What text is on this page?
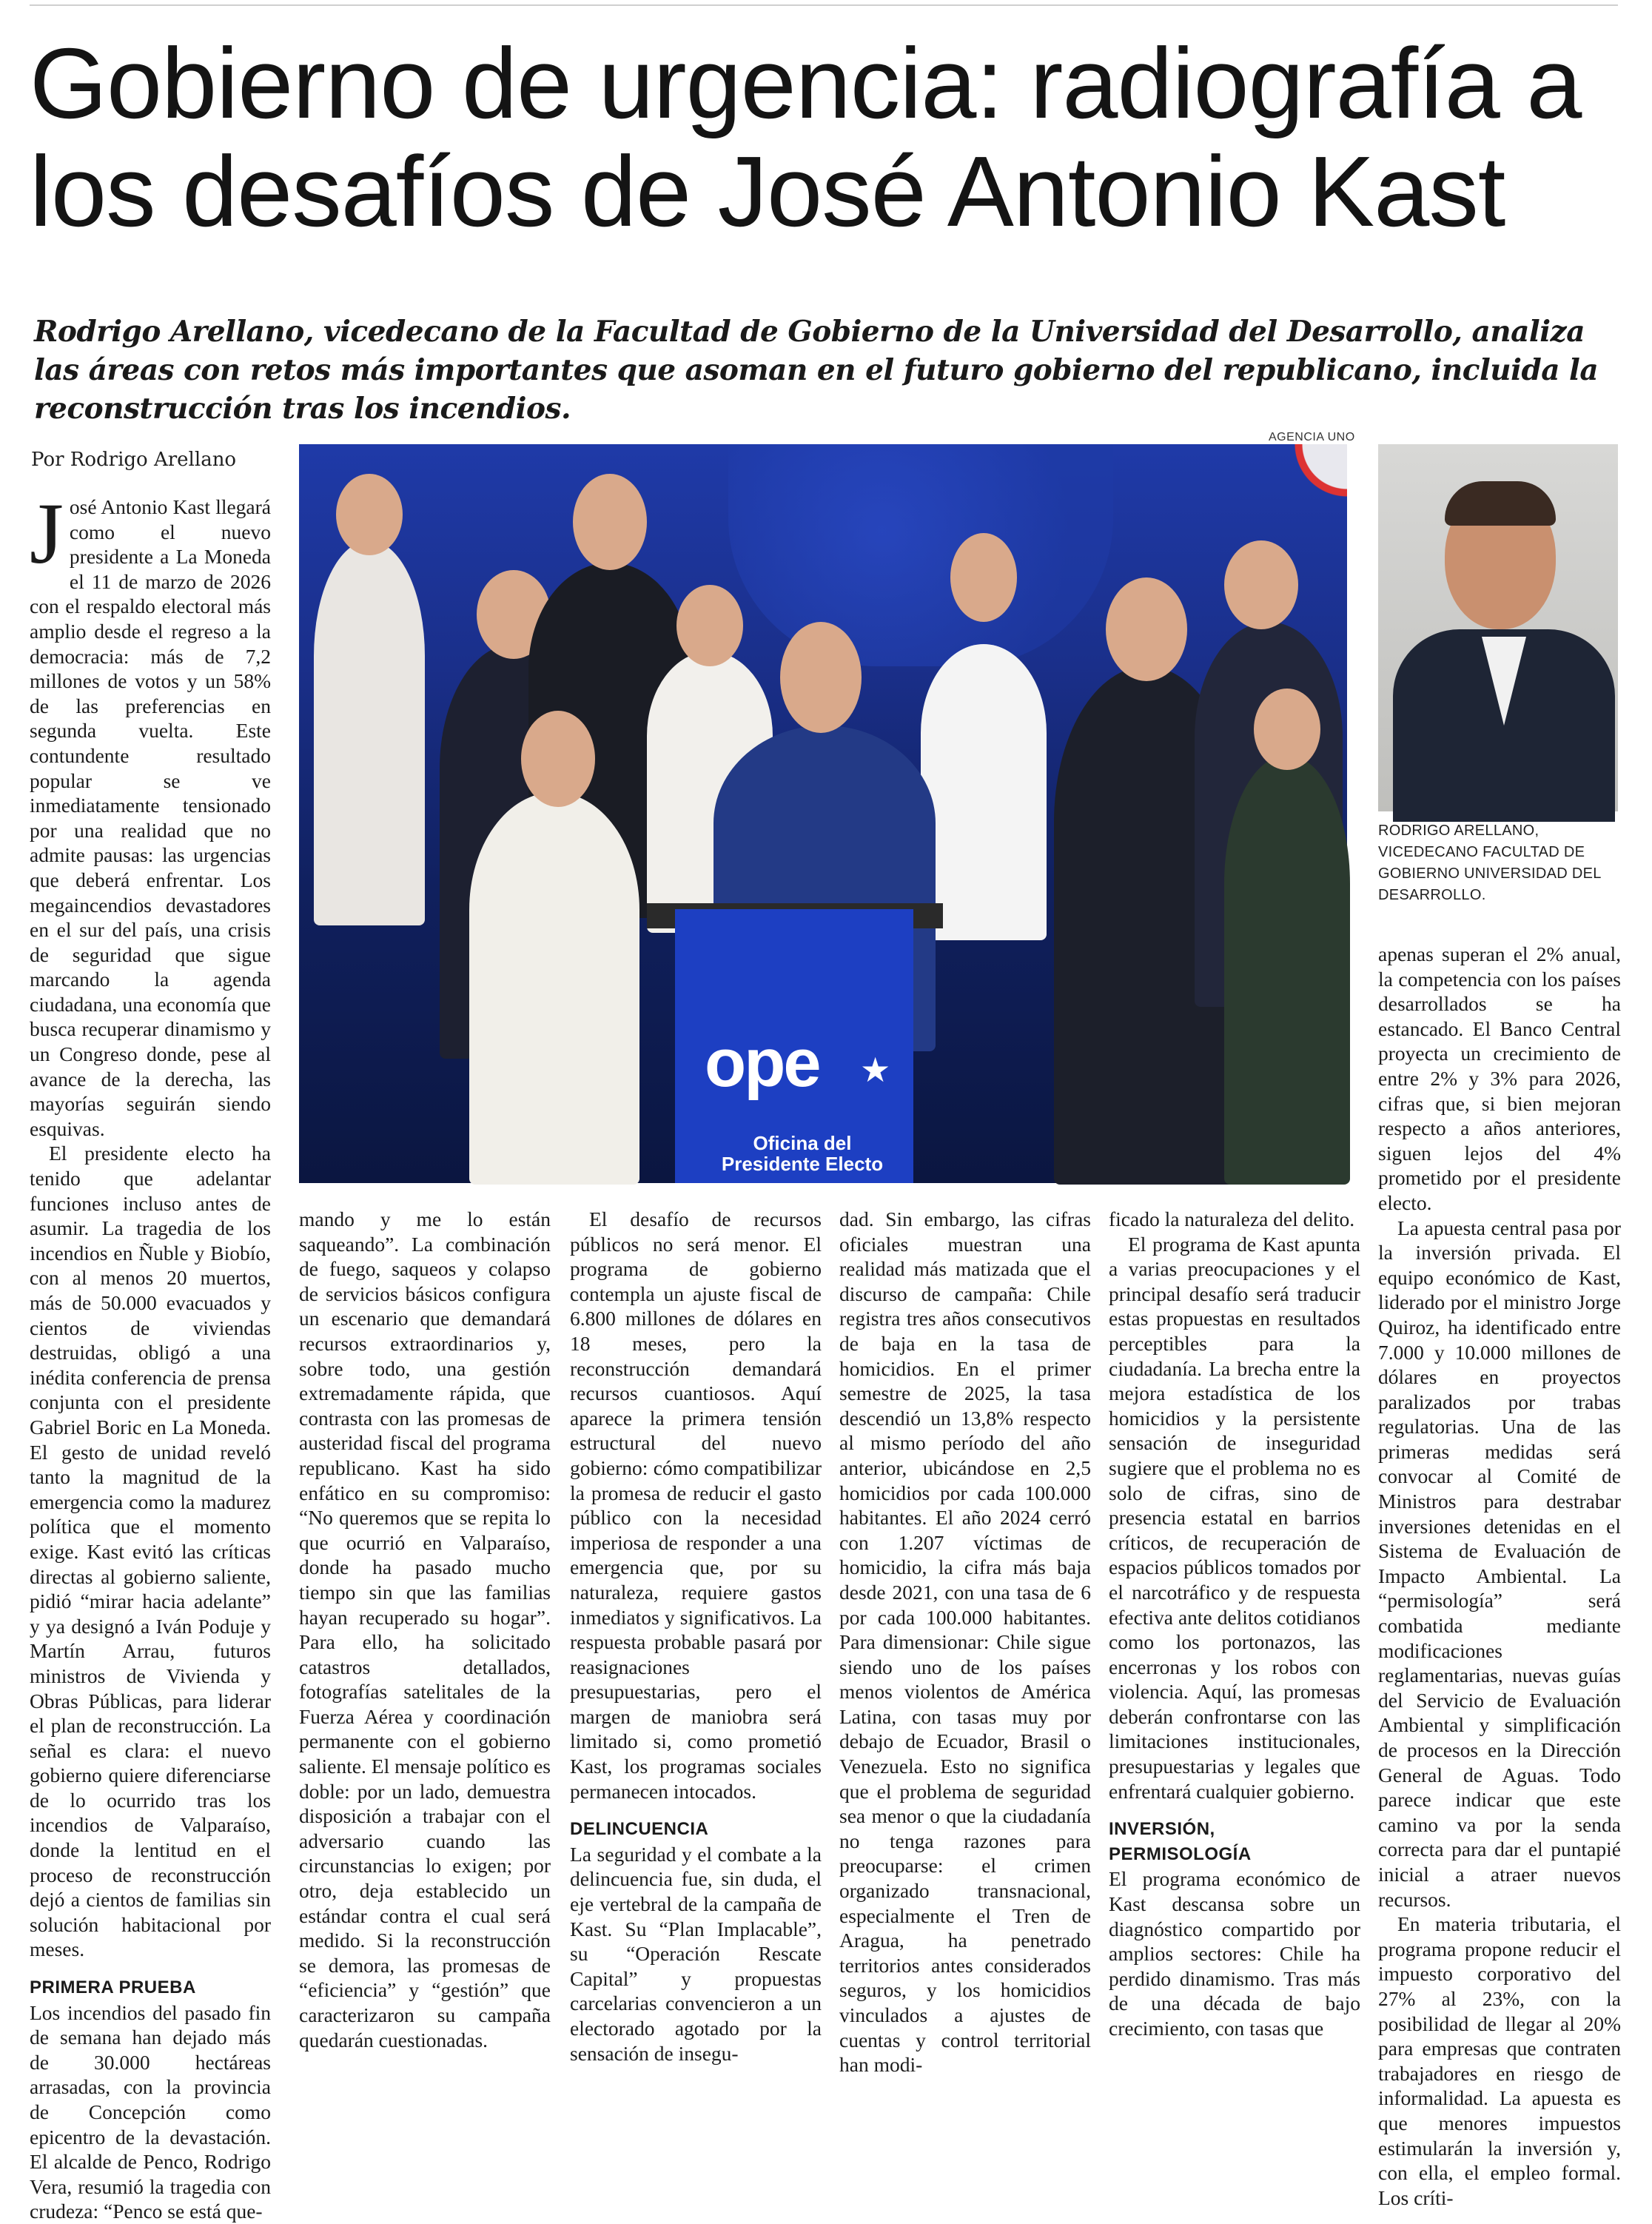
Gobierno de urgencia: radiografía a los desafíos de José Antonio Kast

Rodrigo Arellano, vicedecano de la Facultad de Gobierno de la Universidad del Desarrollo, analiza las áreas con retos más importantes que asoman en el futuro gobierno del republicano, incluida la reconstrucción tras los incendios.

Por Rodrigo Arellano
ope	★
Oficina del Presidente Electo
AGENCIA UNO
RODRIGO ARELLANO, VICEDECANO FACULTAD DE GOBIERNO UNIVERSIDAD DEL DESARROLLO.

José Antonio Kast llegará como el nuevo presidente a La Moneda el 11 de marzo de 2026 con el respaldo electoral más amplio desde el regreso a la democracia: más de 7,2 millones de votos y un 58% de las preferencias en segunda vuelta. Este contundente resultado popular se ve inmediatamente tensionado por una realidad que no admite pausas: las urgencias que deberá enfrentar. Los megaincendios devastadores en el sur del país, una crisis de seguridad que sigue marcando la agenda ciudadana, una economía que busca recuperar dinamismo y un Congreso donde, pese al avance de la derecha, las mayorías seguirán siendo esquivas.

El presidente electo ha tenido que adelantar funciones incluso antes de asumir. La tragedia de los incendios en Ñuble y Biobío, con al menos 20 muertos, más de 50.000 evacuados y cientos de viviendas destruidas, obligó a una inédita conferencia de prensa conjunta con el presidente Gabriel Boric en La Moneda. El gesto de unidad reveló tanto la magnitud de la emergencia como la madurez política que el momento exige. Kast evitó las críticas directas al gobierno saliente, pidió “mirar hacia adelante” y ya designó a Iván Poduje y Martín Arrau, futuros ministros de Vivienda y Obras Públicas, para liderar el plan de reconstrucción. La señal es clara: el nuevo gobierno quiere diferenciarse de lo ocurrido tras los incendios de Valparaíso, donde la lentitud en el proceso de reconstrucción dejó a cientos de familias sin solución habitacional por meses.

PRIMERA PRUEBA

Los incendios del pasado fin de semana han dejado más de 30.000 hectáreas arrasadas, con la provincia de Concepción como epicentro de la devastación. El alcalde de Penco, Rodrigo Vera, resumió la tragedia con crudeza: “Penco se está que-

mando y me lo están saqueando”. La combinación de fuego, saqueos y colapso de servicios básicos configura un escenario que demandará recursos extraordinarios y, sobre todo, una gestión extremadamente rápida, que contrasta con las promesas de austeridad fiscal del programa republicano. Kast ha sido enfático en su compromiso: “No queremos que se repita lo que ocurrió en Valparaíso, donde ha pasado mucho tiempo sin que las familias hayan recuperado su hogar”. Para ello, ha solicitado catastros detallados, fotografías satelitales de la Fuerza Aérea y coordinación permanente con el gobierno saliente. El mensaje político es doble: por un lado, demuestra disposición a trabajar con el adversario cuando las circunstancias lo exigen; por otro, deja establecido un estándar contra el cual será medido. Si la reconstrucción se demora, las promesas de “eficiencia” y “gestión” que caracterizaron su campaña quedarán cuestionadas.

El desafío de recursos públicos no será menor. El programa de gobierno contempla un ajuste fiscal de 6.800 millones de dólares en 18 meses, pero la reconstrucción demandará recursos cuantiosos. Aquí aparece la primera tensión estructural del nuevo gobierno: cómo compatibilizar la promesa de reducir el gasto público con la necesidad imperiosa de responder a una emergencia que, por su naturaleza, requiere gastos inmediatos y significativos. La respuesta probable pasará por reasignaciones presupuestarias, pero el margen de maniobra será limitado si, como prometió Kast, los programas sociales permanecen intocados.

DELINCUENCIA

La seguridad y el combate a la delincuencia fue, sin duda, el eje vertebral de la campaña de Kast. Su “Plan Implacable”, su “Operación Rescate Capital” y propuestas carcelarias convencieron a un electorado agotado por la sensación de insegu-

dad. Sin embargo, las cifras oficiales muestran una realidad más matizada que el discurso de campaña: Chile registra tres años consecutivos de baja en la tasa de homicidios. En el primer semestre de 2025, la tasa descendió un 13,8% respecto al mismo período del año anterior, ubicándose en 2,5 homicidios por cada 100.000 habitantes. El año 2024 cerró con 1.207 víctimas de homicidio, la cifra más baja desde 2021, con una tasa de 6 por cada 100.000 habitantes. Para dimensionar: Chile sigue siendo uno de los países menos violentos de América Latina, con tasas muy por debajo de Ecuador, Brasil o Venezuela. Esto no significa que el problema de seguridad sea menor o que la ciudadanía no tenga razones para preocuparse: el crimen organizado transnacional, especialmente el Tren de Aragua, ha penetrado territorios antes considerados seguros, y los homicidios vinculados a ajustes de cuentas y control territorial han modi-

ficado la naturaleza del delito.

El programa de Kast apunta a varias preocupaciones y el principal desafío será traducir estas propuestas en resultados perceptibles para la ciudadanía. La brecha entre la mejora estadística de los homicidios y la persistente sensación de inseguridad sugiere que el problema no es solo de cifras, sino de presencia estatal en barrios críticos, de recuperación de espacios públicos tomados por el narcotráfico y de respuesta efectiva ante delitos cotidianos como los portonazos, las encerronas y los robos con violencia. Aquí, las promesas deberán confrontarse con las limitaciones institucionales, presupuestarias y legales que enfrentará cualquier gobierno.

INVERSIÓN, PERMISOLOGÍA

El programa económico de Kast descansa sobre un diagnóstico compartido por amplios sectores: Chile ha perdido dinamismo. Tras más de una década de bajo crecimiento, con tasas que

apenas superan el 2% anual, la competencia con los países desarrollados se ha estancado. El Banco Central proyecta un crecimiento de entre 2% y 3% para 2026, cifras que, si bien mejoran respecto a años anteriores, siguen lejos del 4% prometido por el presidente electo.

La apuesta central pasa por la inversión privada. El equipo económico de Kast, liderado por el ministro Jorge Quiroz, ha identificado entre 7.000 y 10.000 millones de dólares en proyectos paralizados por trabas regulatorias. Una de las primeras medidas será convocar al Comité de Ministros para destrabar inversiones detenidas en el Sistema de Evaluación de Impacto Ambiental. La “permisología” será combatida mediante modificaciones reglamentarias, nuevas guías del Servicio de Evaluación Ambiental y simplificación de procesos en la Dirección General de Aguas. Todo parece indicar que este camino va por la senda correcta para dar el puntapié inicial a atraer nuevos recursos.

En materia tributaria, el programa propone reducir el impuesto corporativo del 27% al 23%, con la posibilidad de llegar al 20% para empresas que contraten trabajadores en riesgo de informalidad. La apuesta es que menores impuestos estimularán la inversión y, con ella, el empleo formal. Los críti-
